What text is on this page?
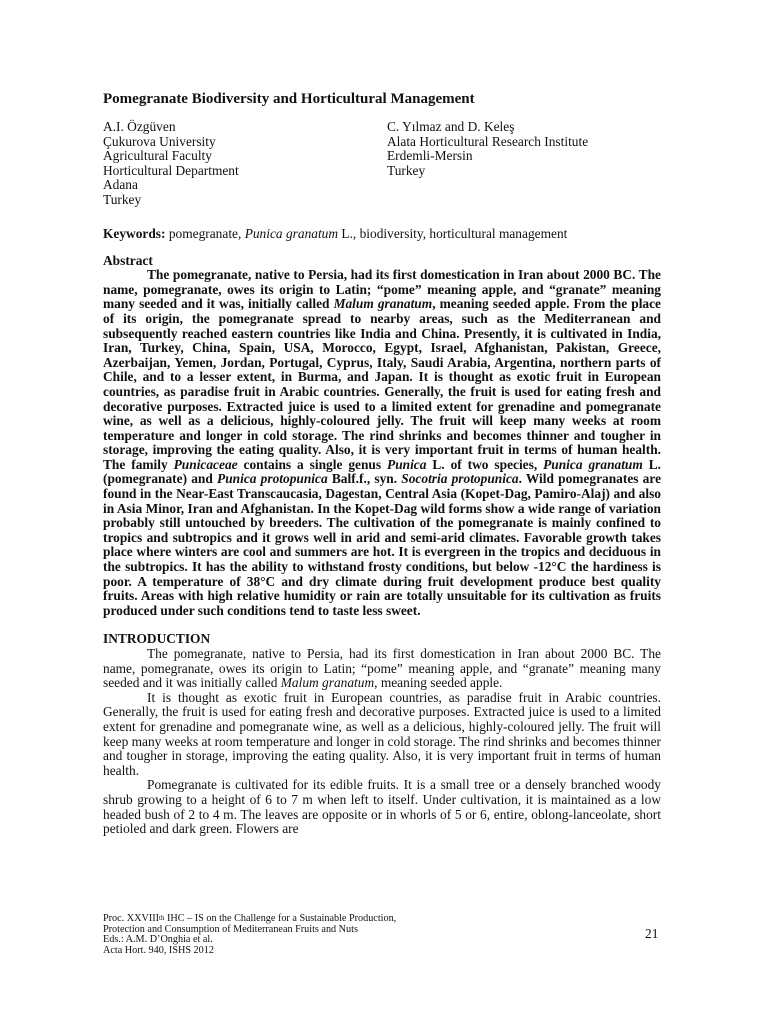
Pomegranate Biodiversity and Horticultural Management
A.I. Özgüven
Çukurova University
Agricultural Faculty
Horticultural Department
Adana
Turkey
C. Yılmaz and D. Keleş
Alata Horticultural Research Institute
Erdemli-Mersin
Turkey
Keywords: pomegranate, Punica granatum L., biodiversity, horticultural management
Abstract

The pomegranate, native to Persia, had its first domestication in Iran about 2000 BC. The name, pomegranate, owes its origin to Latin; “pome” meaning apple, and “granate” meaning many seeded and it was, initially called Malum granatum, meaning seeded apple. From the place of its origin, the pomegranate spread to nearby areas, such as the Mediterranean and subsequently reached eastern countries like India and China. Presently, it is cultivated in India, Iran, Turkey, China, Spain, USA, Morocco, Egypt, Israel, Afghanistan, Pakistan, Greece, Azerbaijan, Yemen, Jordan, Portugal, Cyprus, Italy, Saudi Arabia, Argentina, northern parts of Chile, and to a lesser extent, in Burma, and Japan. It is thought as exotic fruit in European countries, as paradise fruit in Arabic countries. Generally, the fruit is used for eating fresh and decorative purposes. Extracted juice is used to a limited extent for grenadine and pomegranate wine, as well as a delicious, highly-coloured jelly. The fruit will keep many weeks at room temperature and longer in cold storage. The rind shrinks and becomes thinner and tougher in storage, improving the eating quality. Also, it is very important fruit in terms of human health. The family Punicaceae contains a single genus Punica L. of two species, Punica granatum L. (pomegranate) and Punica protopunica Balf.f., syn. Socotria protopunica. Wild pomegranates are found in the Near-East Transcaucasia, Dagestan, Central Asia (Kopet-Dag, Pamiro-Alaj) and also in Asia Minor, Iran and Afghanistan. In the Kopet-Dag wild forms show a wide range of variation probably still untouched by breeders. The cultivation of the pomegranate is mainly confined to tropics and subtropics and it grows well in arid and semi-arid climates. Favorable growth takes place where winters are cool and summers are hot. It is evergreen in the tropics and deciduous in the subtropics. It has the ability to withstand frosty conditions, but below -12°C the hardiness is poor. A temperature of 38°C and dry climate during fruit development produce best quality fruits. Areas with high relative humidity or rain are totally unsuitable for its cultivation as fruits produced under such conditions tend to taste less sweet.

INTRODUCTION

The pomegranate, native to Persia, had its first domestication in Iran about 2000 BC. The name, pomegranate, owes its origin to Latin; “pome” meaning apple, and “granate” meaning many seeded and it was initially called Malum granatum, meaning seeded apple.

It is thought as exotic fruit in European countries, as paradise fruit in Arabic countries. Generally, the fruit is used for eating fresh and decorative purposes. Extracted juice is used to a limited extent for grenadine and pomegranate wine, as well as a delicious, highly-coloured jelly. The fruit will keep many weeks at room temperature and longer in cold storage. The rind shrinks and becomes thinner and tougher in storage, improving the eating quality. Also, it is very important fruit in terms of human health.

Pomegranate is cultivated for its edible fruits. It is a small tree or a densely branched woody shrub growing to a height of 6 to 7 m when left to itself. Under cultivation, it is maintained as a low headed bush of 2 to 4 m. The leaves are opposite or in whorls of 5 or 6, entire, oblong-lanceolate, short petioled and dark green. Flowers are

Proc. XXVIIIth IHC – IS on the Challenge for a Sustainable Production,
Protection and Consumption of Mediterranean Fruits and Nuts
Eds.: A.M. D’Onghia et al.
Acta Hort. 940, ISHS 2012
21
